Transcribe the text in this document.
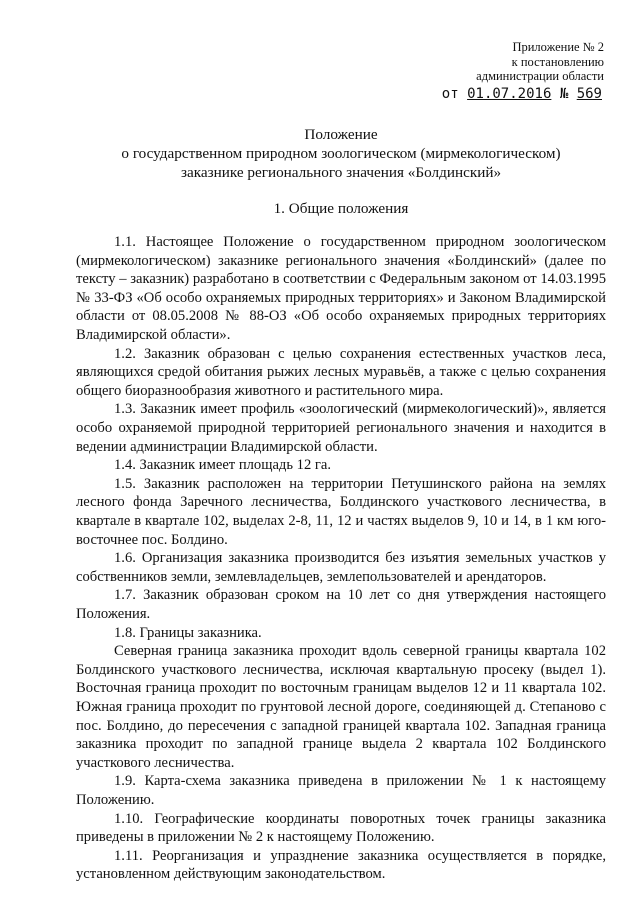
Приложение № 2
к постановлению
администрации области
от 01.07.2016 № 569
Положение
о государственном природном зоологическом (мирмекологическом)
заказнике регионального значения «Болдинский»
1. Общие положения

1.1. Настоящее Положение о государственном природном зоологическом (мирмекологическом) заказнике регионального значения «Болдинский» (далее по тексту – заказник) разработано в соответствии с Федеральным законом от 14.03.1995 № 33-ФЗ «Об особо охраняемых природных территориях» и Законом Владимирской области от 08.05.2008 № 88-ОЗ «Об особо охраняемых природных территориях Владимирской области».

1.2. Заказник образован с целью сохранения естественных участков леса, являющихся средой обитания рыжих лесных муравьёв, а также с целью сохранения общего биоразнообразия животного и растительного мира.

1.3. Заказник имеет профиль «зоологический (мирмекологический)», является особо охраняемой природной территорией регионального значения и находится в ведении администрации Владимирской области.

1.4. Заказник имеет площадь 12 га.

1.5. Заказник расположен на территории Петушинского района на землях лесного фонда Заречного лесничества, Болдинского участкового лесничества, в квартале в квартале 102, выделах 2-8, 11, 12 и частях выделов 9, 10 и 14, в 1 км юго-восточнее пос. Болдино.

1.6. Организация заказника производится без изъятия земельных участков у собственников земли, землевладельцев, землепользователей и арендаторов.

1.7. Заказник образован сроком на 10 лет со дня утверждения настоящего Положения.

1.8. Границы заказника.

Северная граница заказника проходит вдоль северной границы квартала 102 Болдинского участкового лесничества, исключая квартальную просеку (выдел 1). Восточная граница проходит по восточным границам выделов 12 и 11 квартала 102. Южная граница проходит по грунтовой лесной дороге, соединяющей д. Степаново с пос. Болдино, до пересечения с западной границей квартала 102. Западная граница заказника проходит по западной границе выдела 2 квартала 102 Болдинского участкового лесничества.

1.9. Карта-схема заказника приведена в приложении № 1 к настоящему Положению.

1.10. Географические координаты поворотных точек границы заказника приведены в приложении № 2 к настоящему Положению.

1.11. Реорганизация и упразднение заказника осуществляется в порядке, установленном действующим законодательством.
